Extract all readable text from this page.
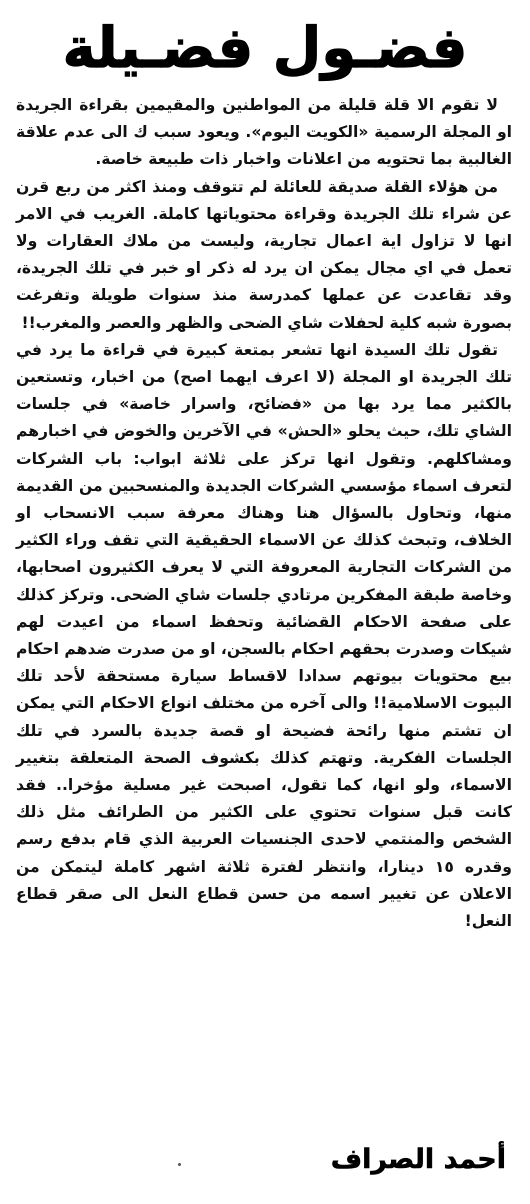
فضـول فضـيلة

لا تقوم الا قلة قليلة من المواطنين والمقيمين بقراءة الجريدة او المجلة الرسمية «الكويت اليوم». ويعود سبب ك الى عدم علاقة الغالبية بما تحتويه من اعلانات واخبار ذات طبيعة خاصة.

من هؤلاء القلة صديقة للعائلة لم تتوقف ومنذ اكثر من ربع قرن عن شراء تلك الجريدة وقراءة محتوياتها كاملة. الغريب في الامر انها لا تزاول اية اعمال تجارية، وليست من ملاك العقارات ولا تعمل في اي مجال يمكن ان يرد له ذكر او خبر في تلك الجريدة، وقد تقاعدت عن عملها كمدرسة منذ سنوات طويلة وتفرغت بصورة شبه كلية لحفلات شاي الضحى والظهر والعصر والمغرب!!

تقول تلك السيدة انها تشعر بمتعة كبيرة في قراءة ما يرد في تلك الجريدة او المجلة (لا اعرف ايهما اصح) من اخبار، وتستعين بالكثير مما يرد بها من «فضائح، واسرار خاصة» في جلسات الشاي تلك، حيث يحلو «الحش» في الآخرين والخوض في اخبارهم ومشاكلهم. وتقول انها تركز على ثلاثة ابواب: باب الشركات لتعرف اسماء مؤسسي الشركات الجديدة والمنسحبين من القديمة منها، وتحاول بالسؤال هنا وهناك معرفة سبب الانسحاب او الخلاف، وتبحث كذلك عن الاسماء الحقيقية التي تقف وراء الكثير من الشركات التجارية المعروفة التي لا يعرف الكثيرون اصحابها، وخاصة طبقة المفكرين مرتادي جلسات شاي الضحى. وتركز كذلك على صفحة الاحكام القضائية وتحفظ اسماء من اعيدت لهم شيكات وصدرت بحقهم احكام بالسجن، او من صدرت ضدهم احكام بيع محتويات بيوتهم سدادا لاقساط سيارة مستحقة لأحد تلك البيوت الاسلامية!! والى آخره من مختلف انواع الاحكام التي يمكن ان تشتم منها رائحة فضيحة او قصة جديدة بالسرد في تلك الجلسات الفكرية. وتهتم كذلك بكشوف الصحة المتعلقة بتغيير الاسماء، ولو انها، كما تقول، اصبحت غير مسلية مؤخرا.. فقد كانت قبل سنوات تحتوي على الكثير من الطرائف مثل ذلك الشخص والمنتمي لاحدى الجنسيات العربية الذي قام بدفع رسم وقدره ١٥ دينارا، وانتظر لفترة ثلاثة اشهر كاملة ليتمكن من الاعلان عن تغيير اسمه من حسن قطاع النعل الى صقر قطاع النعل!

أحمد الصراف
